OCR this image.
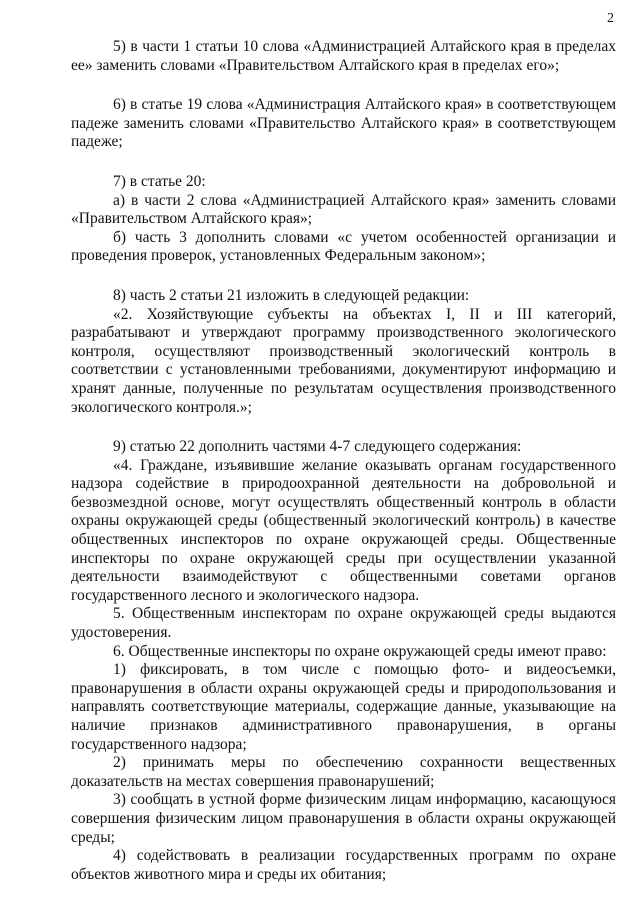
2

5) в части 1 статьи 10 слова «Администрацией Алтайского края в пределах ее» заменить словами «Правительством Алтайского края в пределах его»;

6) в статье 19 слова «Администрация Алтайского края» в соответствующем падеже заменить словами «Правительство Алтайского края» в соответствующем падеже;

7) в статье 20:

а) в части 2 слова «Администрацией Алтайского края» заменить словами «Правительством Алтайского края»;

б) часть 3 дополнить словами «с учетом особенностей организации и проведения проверок, установленных Федеральным законом»;

8) часть 2 статьи 21 изложить в следующей редакции:

«2. Хозяйствующие субъекты на объектах I, II и III категорий, разрабатывают и утверждают программу производственного экологического контроля, осуществляют производственный экологический контроль в соответствии с установленными требованиями, документируют информацию и хранят данные, полученные по результатам осуществления производственного экологического контроля.»;

9) статью 22 дополнить частями 4-7 следующего содержания:

«4. Граждане, изъявившие желание оказывать органам государственного надзора содействие в природоохранной деятельности на добровольной и безвозмездной основе, могут осуществлять общественный контроль в области охраны окружающей среды (общественный экологический контроль) в качестве общественных инспекторов по охране окружающей среды. Общественные инспекторы по охране окружающей среды при осуществлении указанной деятельности взаимодействуют с общественными советами органов государственного лесного и экологического надзора.

5. Общественным инспекторам по охране окружающей среды выдаются удостоверения.

6. Общественные инспекторы по охране окружающей среды имеют право:

1) фиксировать, в том числе с помощью фото- и видеосъемки, правонарушения в области охраны окружающей среды и природопользования и направлять соответствующие материалы, содержащие данные, указывающие на наличие признаков административного правонарушения, в органы государственного надзора;

2) принимать меры по обеспечению сохранности вещественных доказательств на местах совершения правонарушений;

3) сообщать в устной форме физическим лицам информацию, касающуюся совершения физическим лицом правонарушения в области охраны окружающей среды;

4) содействовать в реализации государственных программ по охране объектов животного мира и среды их обитания;
